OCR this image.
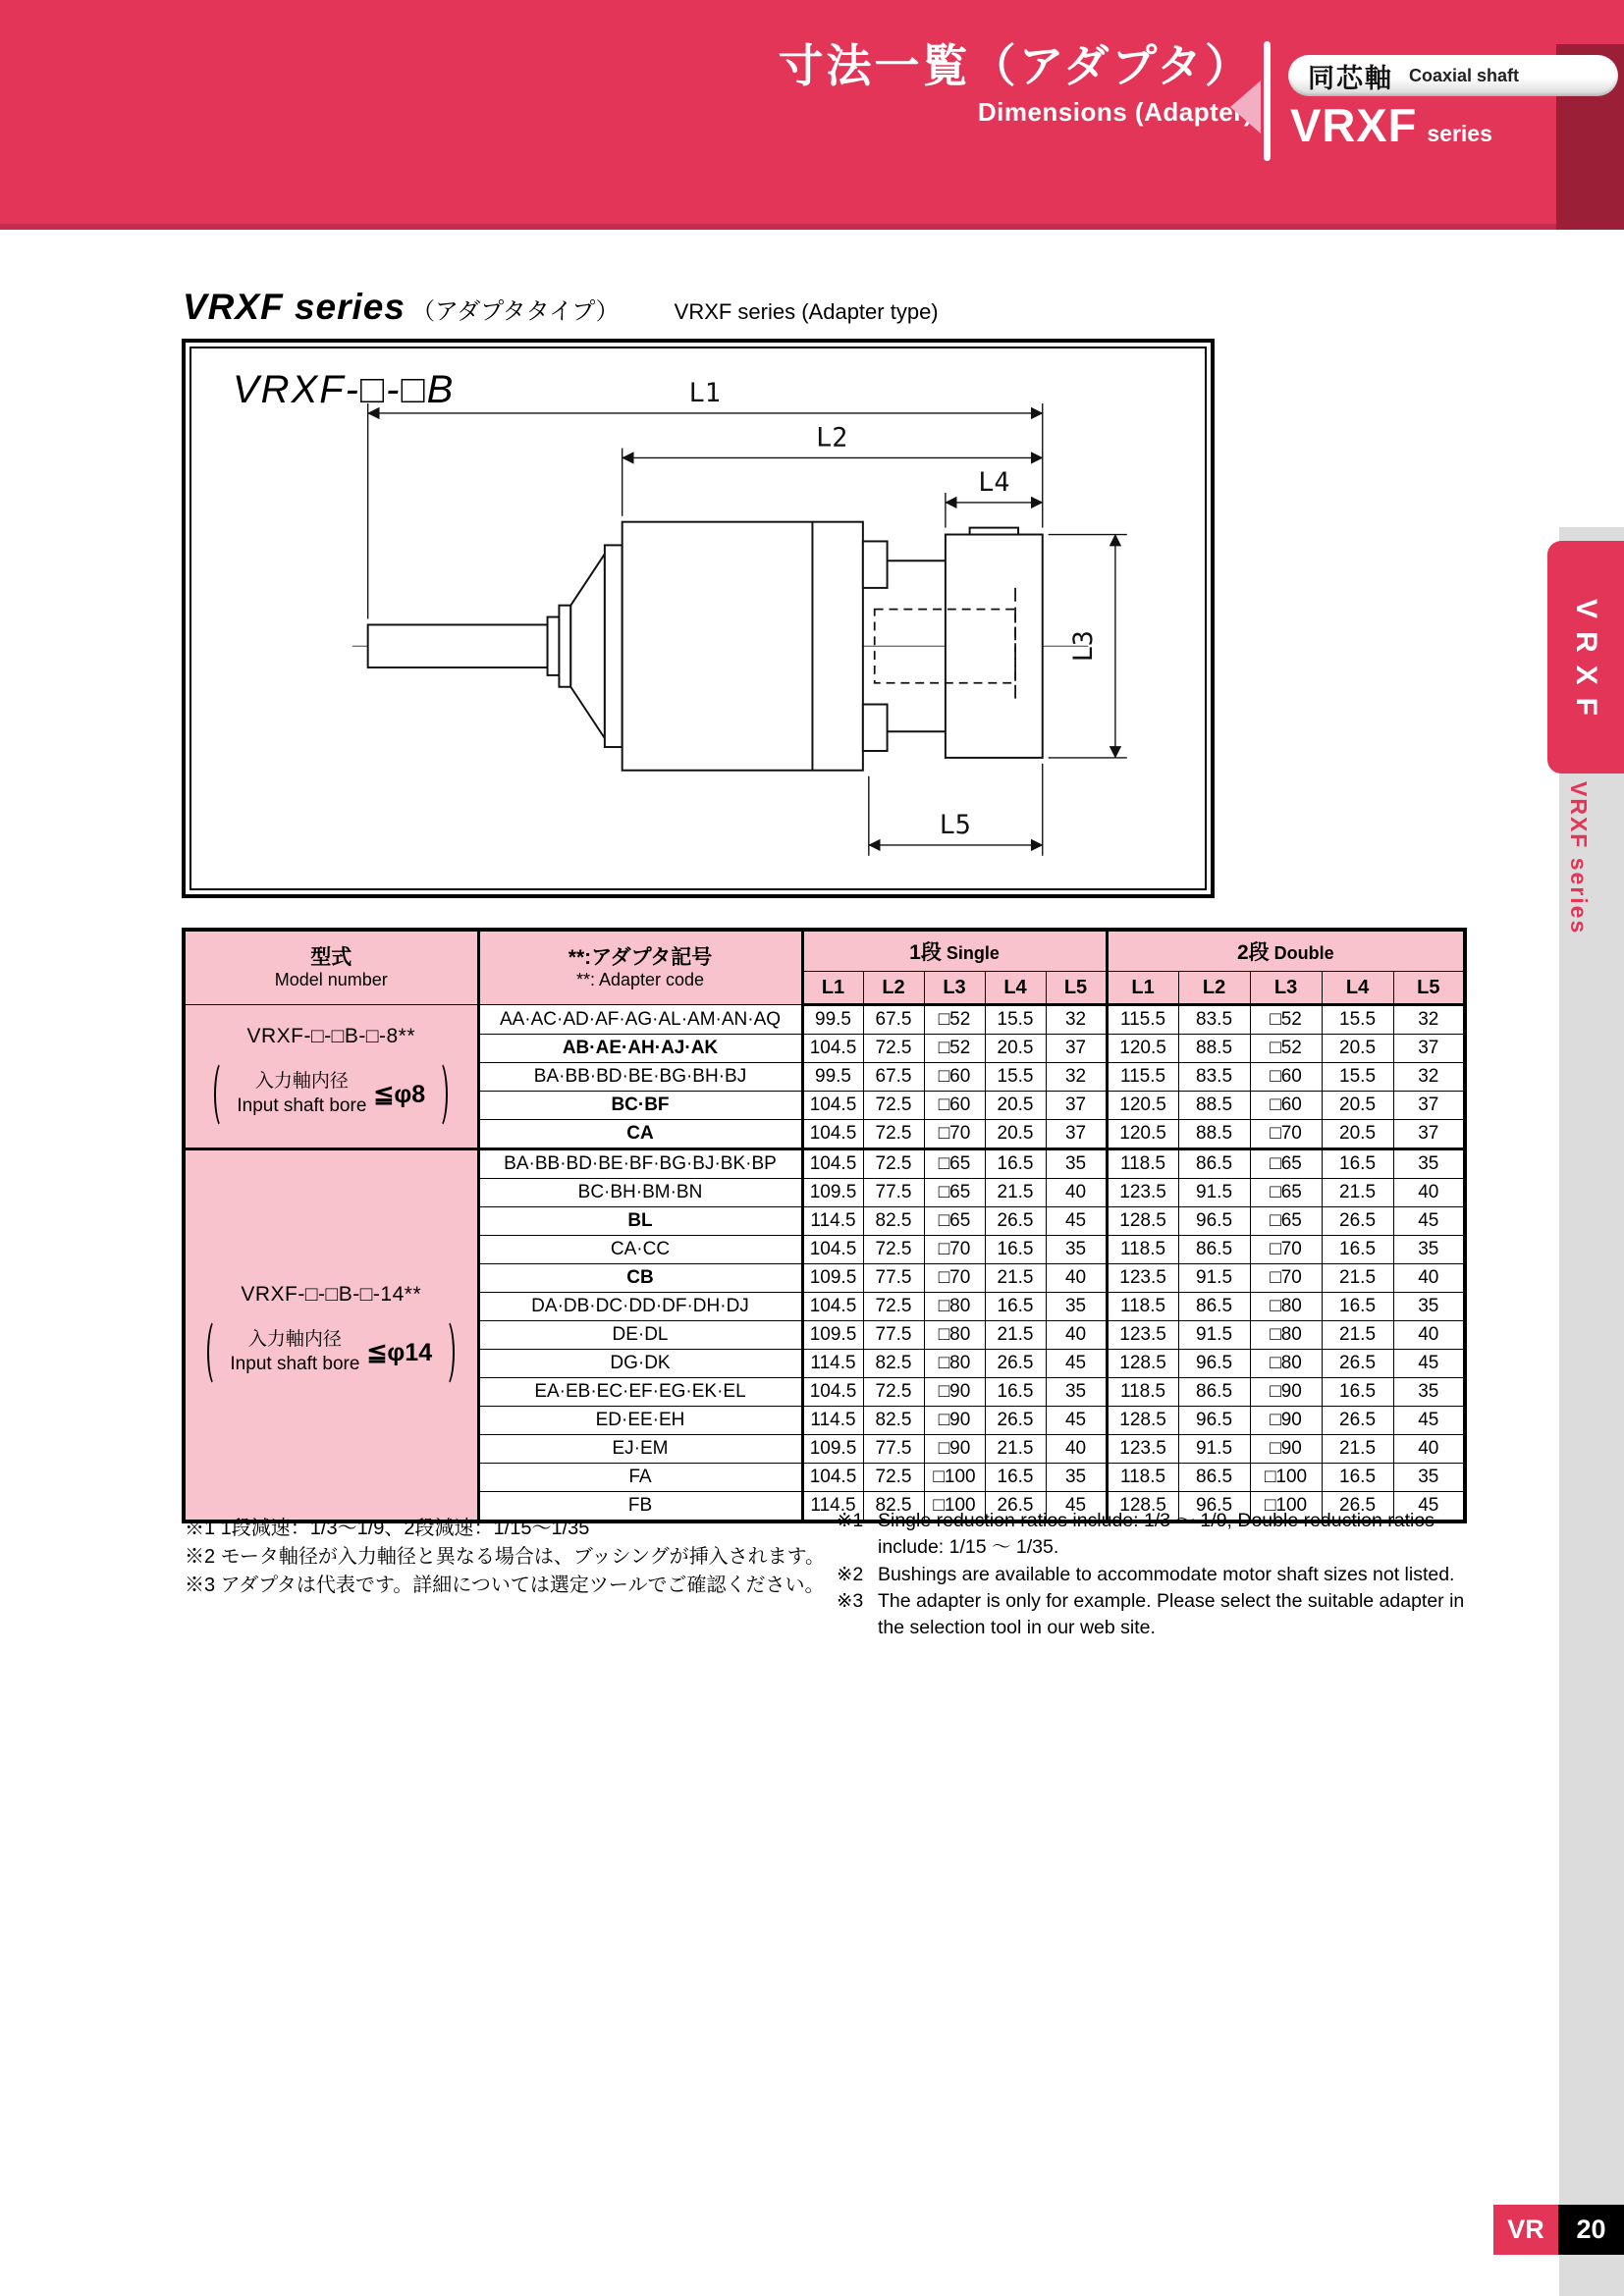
寸法一覧（アダプタ）
Dimensions (Adapter)
同芯軸 Coaxial shaft
VRXF series
VRXF series （アダプタタイプ）	VRXF series (Adapter type)
VRXF-□-□B	L1
L2
L4
L3
L5
型式
Model number	**:アダプタ記号
**: Adapter code	1段 Single					2段 Double				
		L1	L2	L3	L4	L5	L1	L2	L3	L4	L5

VRXF-□-□B-□-8**
入力軸内径
Input shaft bore ≦φ8	AA·AC·AD·AF·AG·AL·AM·AN·AQ	99.5	67.5	□52	15.5	32	115.5	83.5	□52	15.5	32
	AB·AE·AH·AJ·AK	104.5	72.5	□52	20.5	37	120.5	88.5	□52	20.5	37
	BA·BB·BD·BE·BG·BH·BJ	99.5	67.5	□60	15.5	32	115.5	83.5	□60	15.5	32
	BC·BF	104.5	72.5	□60	20.5	37	120.5	88.5	□60	20.5	37
	CA	104.5	72.5	□70	20.5	37	120.5	88.5	□70	20.5	37

VRXF-□-□B-□-14**
入力軸内径
Input shaft bore ≦φ14	BA·BB·BD·BE·BF·BG·BJ·BK·BP	104.5	72.5	□65	16.5	35	118.5	86.5	□65	16.5	35
	BC·BH·BM·BN	109.5	77.5	□65	21.5	40	123.5	91.5	□65	21.5	40
	BL	114.5	82.5	□65	26.5	45	128.5	96.5	□65	26.5	45
	CA·CC	104.5	72.5	□70	16.5	35	118.5	86.5	□70	16.5	35
	CB	109.5	77.5	□70	21.5	40	123.5	91.5	□70	21.5	40
	DA·DB·DC·DD·DF·DH·DJ	104.5	72.5	□80	16.5	35	118.5	86.5	□80	16.5	35
	DE·DL	109.5	77.5	□80	21.5	40	123.5	91.5	□80	21.5	40
	DG·DK	114.5	82.5	□80	26.5	45	128.5	96.5	□80	26.5	45
	EA·EB·EC·EF·EG·EK·EL	104.5	72.5	□90	16.5	35	118.5	86.5	□90	16.5	35
	ED·EE·EH	114.5	82.5	□90	26.5	45	128.5	96.5	□90	26.5	45
	EJ·EM	109.5	77.5	□90	21.5	40	123.5	91.5	□90	21.5	40
	FA	104.5	72.5	□100	16.5	35	118.5	86.5	□100	16.5	35
	FB	114.5	82.5	□100	26.5	45	128.5	96.5	□100	26.5	45
※1 1段減速：1/3～1/9、2段減速：1/15～1/35
※2 モータ軸径が入力軸径と異なる場合は、ブッシングが挿入されます。
※3 アダプタは代表です。詳細については選定ツールでご確認ください。
※1 Single reduction ratios include: 1/3 ～ 1/9, Double reduction ratios include: 1/15 ～ 1/35.
※2 Bushings are available to accommodate motor shaft sizes not listed.
※3 The adapter is only for example. Please select the suitable adapter in the selection tool in our web site.
VRXF
VRXF series
VR 20
